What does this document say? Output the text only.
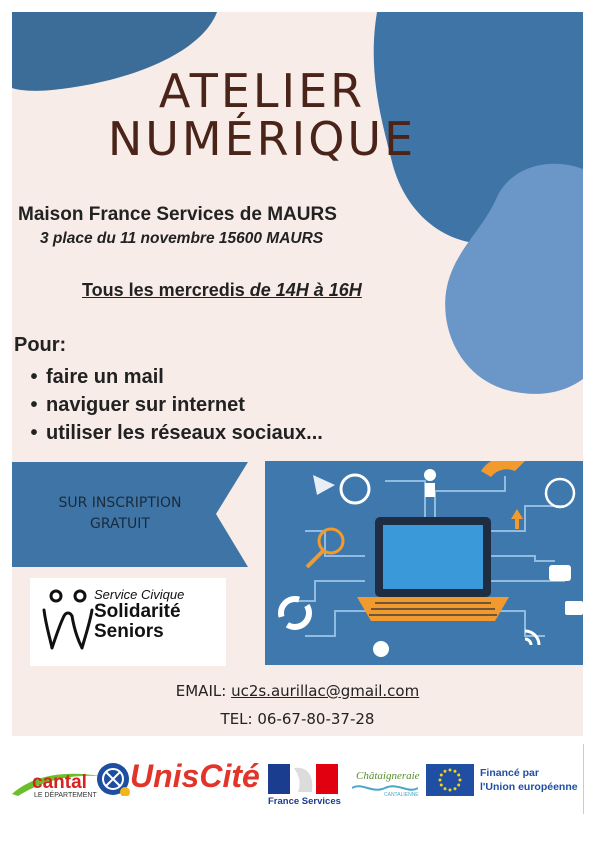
ATELIER
NUMÉRIQUE
Maison France Services de MAURS
3 place du 11 novembre 15600 MAURS
Tous les mercredis de 14H à 16H
Pour:
• faire un mail
• naviguer sur internet
• utiliser les réseaux sociaux...
SUR INSCRIPTION
GRATUIT
Service Civique
Solidarité
Seniors
EMAIL: uc2s.aurillac@gmail.com
TEL: 06-67-80-37-28
cantal
LE DÉPARTEMENT
UnisCité
France Services
Châtaigneraie
CANTALIENNE
Financé par
l'Union européenne
